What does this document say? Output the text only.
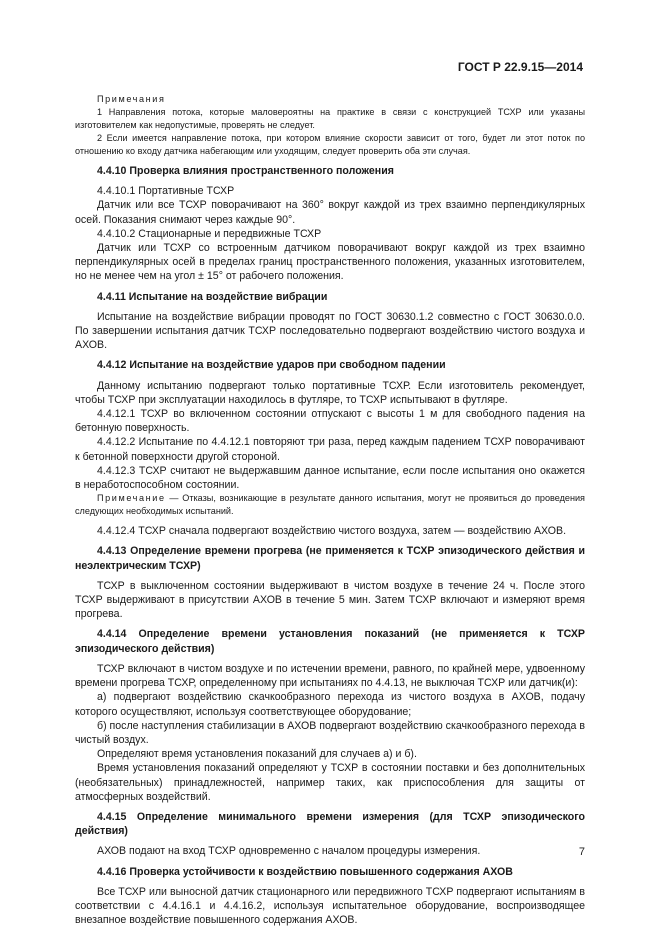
ГОСТ Р 22.9.15—2014

Примечания

1 Направления потока, которые маловероятны на практике в связи с конструкцией ТСХР или указаны изготовителем как недопустимые, проверять не следует.

2 Если имеется направление потока, при котором влияние скорости зависит от того, будет ли этот поток по отношению ко входу датчика набегающим или уходящим, следует проверить оба эти случая.

4.4.10 Проверка влияния пространственного положения

4.4.10.1 Портативные ТСХР

Датчик или все ТСХР поворачивают на 360° вокруг каждой из трех взаимно перпендикулярных осей. Показания снимают через каждые 90°.

4.4.10.2 Стационарные и передвижные ТСХР

Датчик или ТСХР со встроенным датчиком поворачивают вокруг каждой из трех взаимно перпендикулярных осей в пределах границ пространственного положения, указанных изготовителем, но не менее чем на угол ± 15° от рабочего положения.

4.4.11 Испытание на воздействие вибрации

Испытание на воздействие вибрации проводят по ГОСТ 30630.1.2 совместно с ГОСТ 30630.0.0. По завершении испытания датчик ТСХР последовательно подвергают воздействию чистого воздуха и АХОВ.

4.4.12 Испытание на воздействие ударов при свободном падении

Данному испытанию подвергают только портативные ТСХР. Если изготовитель рекомендует, чтобы ТСХР при эксплуатации находилось в футляре, то ТСХР испытывают в футляре.

4.4.12.1 ТСХР во включенном состоянии отпускают с высоты 1 м для свободного падения на бетонную поверхность.

4.4.12.2 Испытание по 4.4.12.1 повторяют три раза, перед каждым падением ТСХР поворачивают к бетонной поверхности другой стороной.

4.4.12.3 ТСХР считают не выдержавшим данное испытание, если после испытания оно окажется в неработоспособном состоянии.

Примечание — Отказы, возникающие в результате данного испытания, могут не проявиться до проведения следующих необходимых испытаний.

4.4.12.4 ТСХР сначала подвергают воздействию чистого воздуха, затем — воздействию АХОВ.

4.4.13 Определение времени прогрева (не применяется к ТСХР эпизодического действия и неэлектрическим ТСХР)

ТСХР в выключенном состоянии выдерживают в чистом воздухе в течение 24 ч. После этого ТСХР выдерживают в присутствии АХОВ в течение 5 мин. Затем ТСХР включают и измеряют время прогрева.

4.4.14 Определение времени установления показаний (не применяется к ТСХР эпизодического действия)

ТСХР включают в чистом воздухе и по истечении времени, равного, по крайней мере, удвоенному времени прогрева ТСХР, определенному при испытаниях по 4.4.13, не выключая ТСХР или датчик(и):

а) подвергают воздействию скачкообразного перехода из чистого воздуха в АХОВ, подачу которого осуществляют, используя соответствующее оборудование;

б) после наступления стабилизации в АХОВ подвергают воздействию скачкообразного перехода в чистый воздух.

Определяют время установления показаний для случаев а) и б).

Время установления показаний определяют у ТСХР в состоянии поставки и без дополнительных (необязательных) принадлежностей, например таких, как приспособления для защиты от атмосферных воздействий.

4.4.15 Определение минимального времени измерения (для ТСХР эпизодического действия)

АХОВ подают на вход ТСХР одновременно с началом процедуры измерения.

4.4.16 Проверка устойчивости к воздействию повышенного содержания АХОВ

Все ТСХР или выносной датчик стационарного или передвижного ТСХР подвергают испытаниям в соответствии с 4.4.16.1 и 4.4.16.2, используя испытательное оборудование, воспроизводящее внезапное воздействие повышенного содержания АХОВ.

7
